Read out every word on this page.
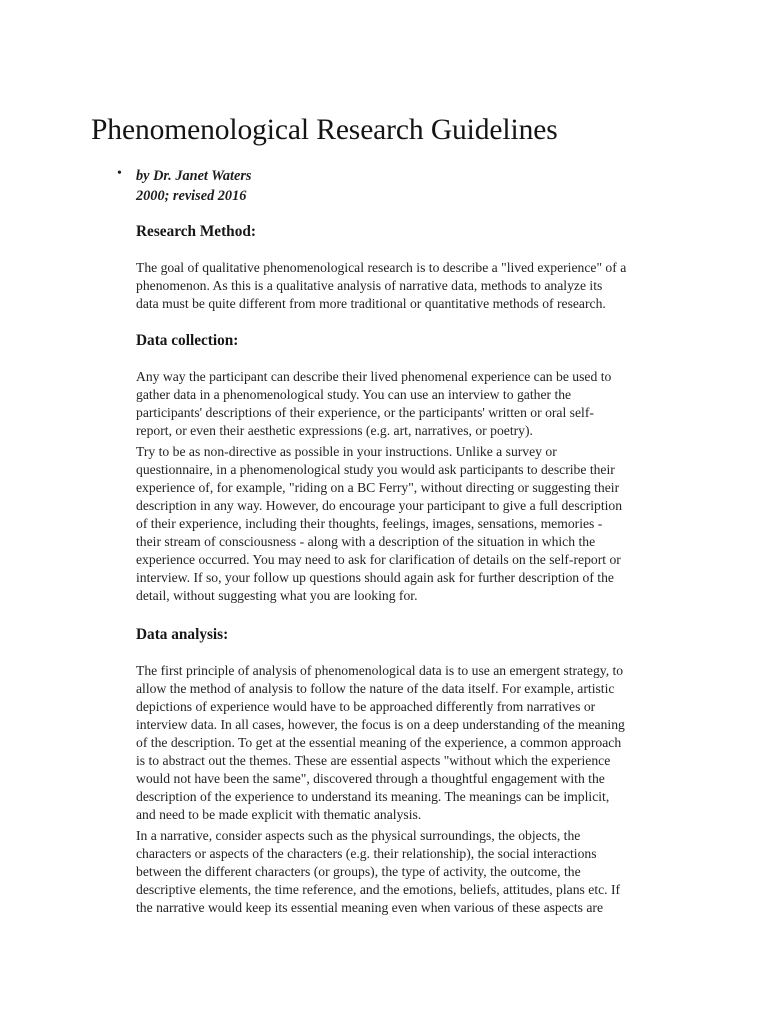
Phenomenological Research Guidelines
• by Dr. Janet Waters
2000; revised 2016
Research Method:

The goal of qualitative phenomenological research is to describe a "lived experience" of a
phenomenon. As this is a qualitative analysis of narrative data, methods to analyze its
data must be quite different from more traditional or quantitative methods of research.

Data collection:

Any way the participant can describe their lived phenomenal experience can be used to
gather data in a phenomenological study. You can use an interview to gather the
participants' descriptions of their experience, or the participants' written or oral self-
report, or even their aesthetic expressions (e.g. art, narratives, or poetry).

Try to be as non-directive as possible in your instructions. Unlike a survey or
questionnaire, in a phenomenological study you would ask participants to describe their
experience of, for example, "riding on a BC Ferry", without directing or suggesting their
description in any way. However, do encourage your participant to give a full description
of their experience, including their thoughts, feelings, images, sensations, memories -
their stream of consciousness - along with a description of the situation in which the
experience occurred. You may need to ask for clarification of details on the self-report or
interview. If so, your follow up questions should again ask for further description of the
detail, without suggesting what you are looking for.

Data analysis:

The first principle of analysis of phenomenological data is to use an emergent strategy, to
allow the method of analysis to follow the nature of the data itself. For example, artistic
depictions of experience would have to be approached differently from narratives or
interview data. In all cases, however, the focus is on a deep understanding of the meaning
of the description. To get at the essential meaning of the experience, a common approach
is to abstract out the themes. These are essential aspects "without which the experience
would not have been the same", discovered through a thoughtful engagement with the
description of the experience to understand its meaning. The meanings can be implicit,
and need to be made explicit with thematic analysis.

In a narrative, consider aspects such as the physical surroundings, the objects, the
characters or aspects of the characters (e.g. their relationship), the social interactions
between the different characters (or groups), the type of activity, the outcome, the
descriptive elements, the time reference, and the emotions, beliefs, attitudes, plans etc. If
the narrative would keep its essential meaning even when various of these aspects are
